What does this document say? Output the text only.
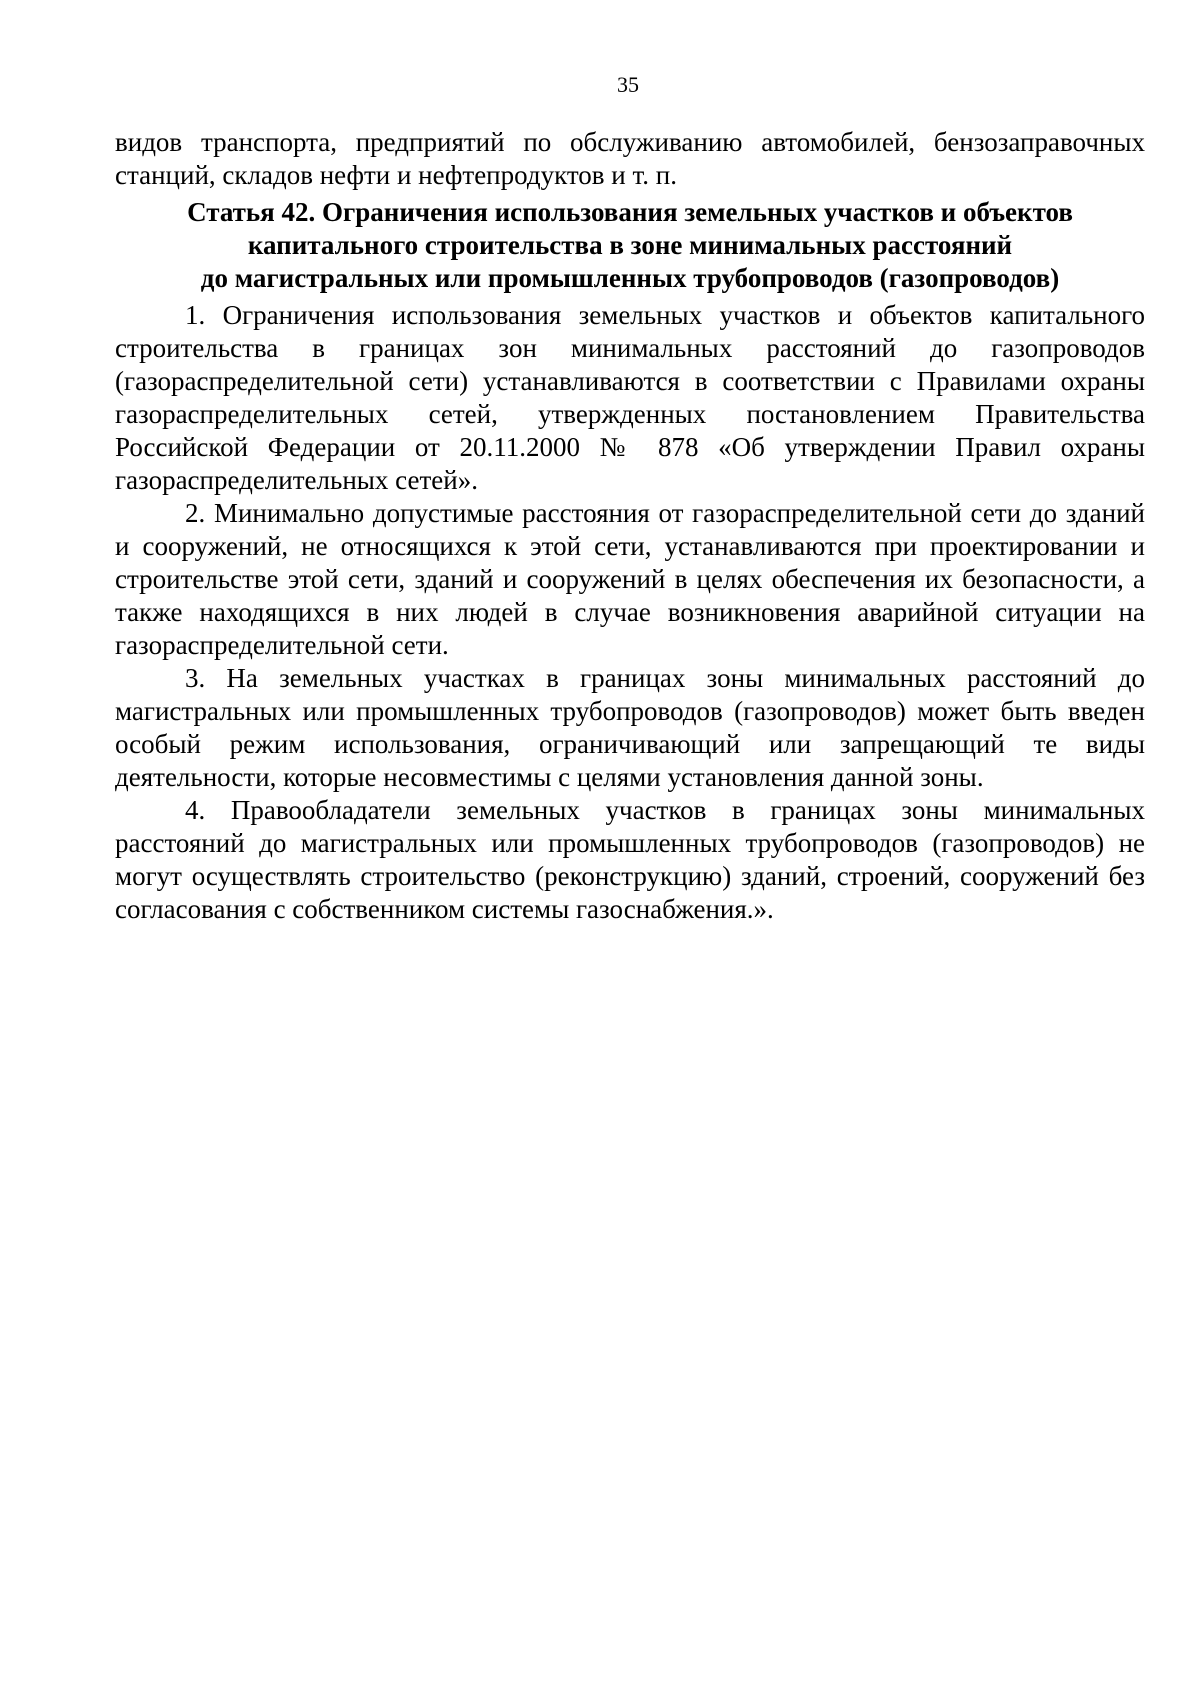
35

видов транспорта, предприятий по обслуживанию автомобилей, бензозаправочных станций, складов нефти и нефтепродуктов и т. п.

Статья 42. Ограничения использования земельных участков и объектов
капитального строительства в зоне минимальных расстояний
до магистральных или промышленных трубопроводов (газопроводов)

1. Ограничения использования земельных участков и объектов капитального строительства в границах зон минимальных расстояний до газопроводов (газораспределительной сети) устанавливаются в соответствии с Правилами охраны газораспределительных сетей, утвержденных постановлением Правительства Российской Федерации от 20.11.2000 № 878 «Об утверждении Правил охраны газораспределительных сетей».

2. Минимально допустимые расстояния от газораспределительной сети до зданий и сооружений, не относящихся к этой сети, устанавливаются при проектировании и строительстве этой сети, зданий и сооружений в целях обеспечения их безопасности, а также находящихся в них людей в случае возникновения аварийной ситуации на газораспределительной сети.

3. На земельных участках в границах зоны минимальных расстояний до магистральных или промышленных трубопроводов (газопроводов) может быть введен особый режим использования, ограничивающий или запрещающий те виды деятельности, которые несовместимы с целями установления данной зоны.

4. Правообладатели земельных участков в границах зоны минимальных расстояний до магистральных или промышленных трубопроводов (газопроводов) не могут осуществлять строительство (реконструкцию) зданий, строений, сооружений без согласования с собственником системы газоснабжения.».
